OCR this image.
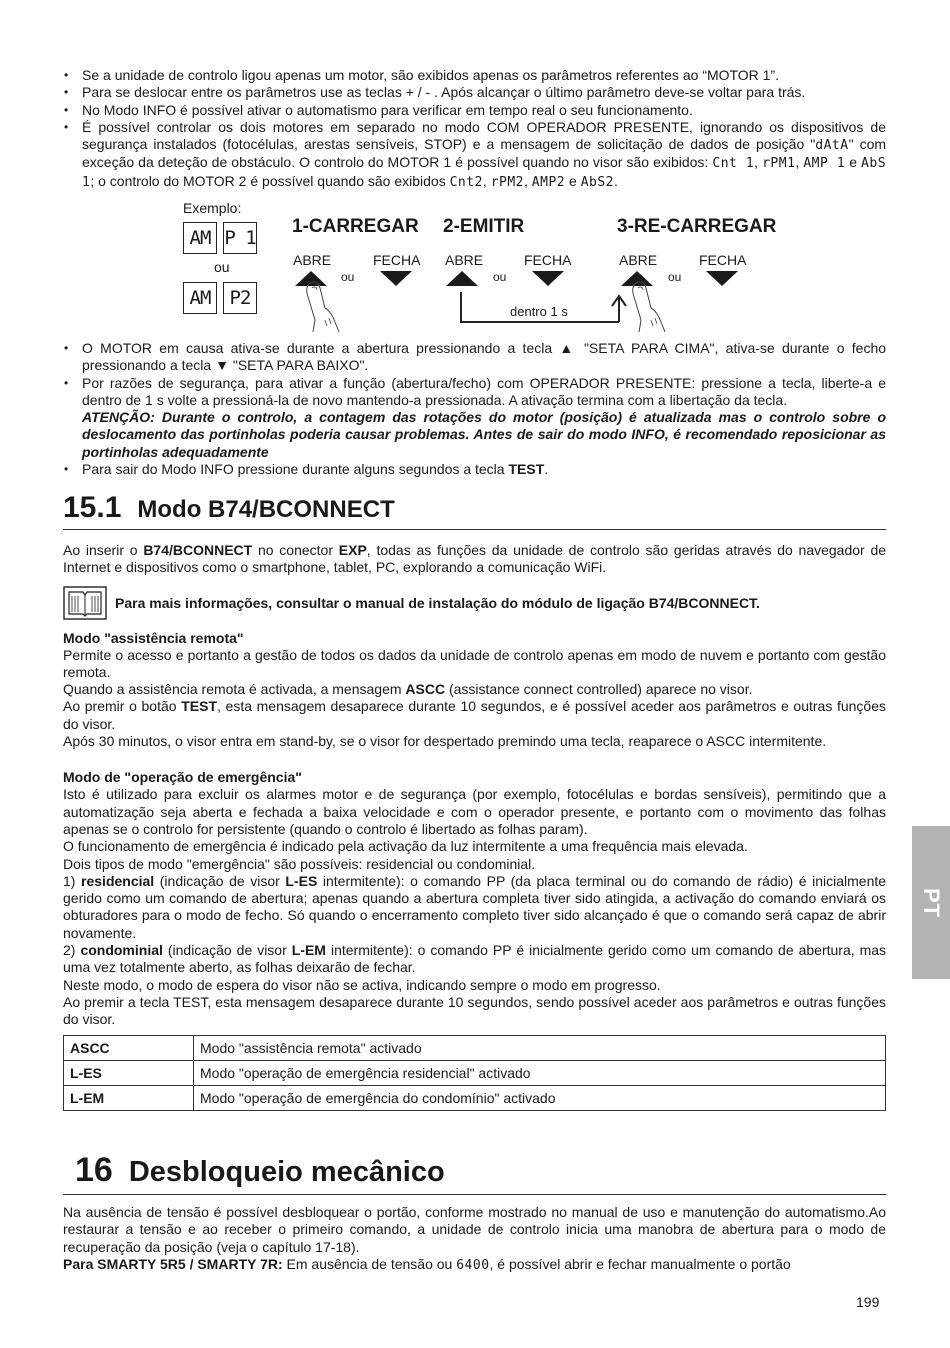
• Se a unidade de controlo ligou apenas um motor, são exibidos apenas os parâmetros referentes ao “MOTOR 1”.
• Para se deslocar entre os parâmetros use as teclas + / - . Após alcançar o último parâmetro deve-se voltar para trás.
• No Modo INFO é possível ativar o automatismo para verificar em tempo real o seu funcionamento.
• É possível controlar os dois motores em separado no modo COM OPERADOR PRESENTE, ignorando os dispositivos de segurança instalados (fotocélulas, arestas sensíveis, STOP) e a mensagem de solicitação de dados de posição "dAtA" com exceção da deteção de obstáculo. O controlo do MOTOR 1 é possível quando no visor são exibidos: Cnt 1, rPM1, AMP 1 e AbS 1; o controlo do MOTOR 2 é possível quando são exibidos Cnt2, rPM2, AMP2 e AbS2.
Exemplo:
AM P 1
ou
AM	P2
1-CARREGAR 2-EMITIR	3-RE-CARREGAR
ABRE	FECHA
ou
ABRE	FECHA
ou
dentro 1 s
ABRE	FECHA
ou
• O MOTOR em causa ativa-se durante a abertura pressionando a tecla ▲ "SETA PARA CIMA", ativa-se durante o fecho pressionando a tecla ▼ "SETA PARA BAIXO".
• Por razões de segurança, para ativar a função (abertura/fecho) com OPERADOR PRESENTE: pressione a tecla, liberte-a e dentro de 1 s volte a pressioná-la de novo mantendo-a pressionada. A ativação termina com a libertação da tecla.
ATENÇÃO: Durante o controlo, a contagem das rotações do motor (posição) é atualizada mas o controlo sobre o deslocamento das portinholas poderia causar problemas. Antes de sair do modo INFO, é recomendado reposicionar as portinholas adequadamente
• Para sair do Modo INFO pressione durante alguns segundos a tecla TEST.
15.1 Modo B74/BCONNECT

Ao inserir o B74/BCONNECT no conector EXP, todas as funções da unidade de controlo são geridas através do navegador de Internet e dispositivos como o smartphone, tablet, PC, explorando a comunicação WiFi.

Para mais informações, consultar o manual de instalação do módulo de ligação B74/BCONNECT.

Modo "assistência remota"

Permite o acesso e portanto a gestão de todos os dados da unidade de controlo apenas em modo de nuvem e portanto com gestão remota.

Quando a assistência remota é activada, a mensagem ASCC (assistance connect controlled) aparece no visor.

Ao premir o botão TEST, esta mensagem desaparece durante 10 segundos, e é possível aceder aos parâmetros e outras funções do visor.

Após 30 minutos, o visor entra em stand-by, se o visor for despertado premindo uma tecla, reaparece o ASCC intermitente.

Modo de "operação de emergência"

Isto é utilizado para excluir os alarmes motor e de segurança (por exemplo, fotocélulas e bordas sensíveis), permitindo que a automatização seja aberta e fechada a baixa velocidade e com o operador presente, e portanto com o movimento das folhas apenas se o controlo for persistente (quando o controlo é libertado as folhas param).

O funcionamento de emergência é indicado pela activação da luz intermitente a uma frequência mais elevada.

Dois tipos de modo "emergência" são possíveis: residencial ou condominial.

1) residencial (indicação de visor L-ES intermitente): o comando PP (da placa terminal ou do comando de rádio) é inicialmente gerido como um comando de abertura; apenas quando a abertura completa tiver sido atingida, a activação do comando enviará os obturadores para o modo de fecho. Só quando o encerramento completo tiver sido alcançado é que o comando será capaz de abrir novamente.

2) condominial (indicação de visor L-EM intermitente): o comando PP é inicialmente gerido como um comando de abertura, mas uma vez totalmente aberto, as folhas deixarão de fechar.

Neste modo, o modo de espera do visor não se activa, indicando sempre o modo em progresso.

Ao premir a tecla TEST, esta mensagem desaparece durante 10 segundos, sendo possível aceder aos parâmetros e outras funções do visor.

ASCC	Modo "assistência remota" activado
L-ES	Modo "operação de emergência residencial" activado
L-EM	Modo "operação de emergência do condomínio" activado
16 Desbloqueio mecânico

Na ausência de tensão é possível desbloquear o portão, conforme mostrado no manual de uso e manutenção do automatismo.Ao restaurar a tensão e ao receber o primeiro comando, a unidade de controlo inicia uma manobra de abertura para o modo de recuperação da posição (veja o capítulo 17-18).

Para SMARTY 5R5 / SMARTY 7R: Em ausência de tensão ou 6400, é possível abrir e fechar manualmente o portão

PT
199
